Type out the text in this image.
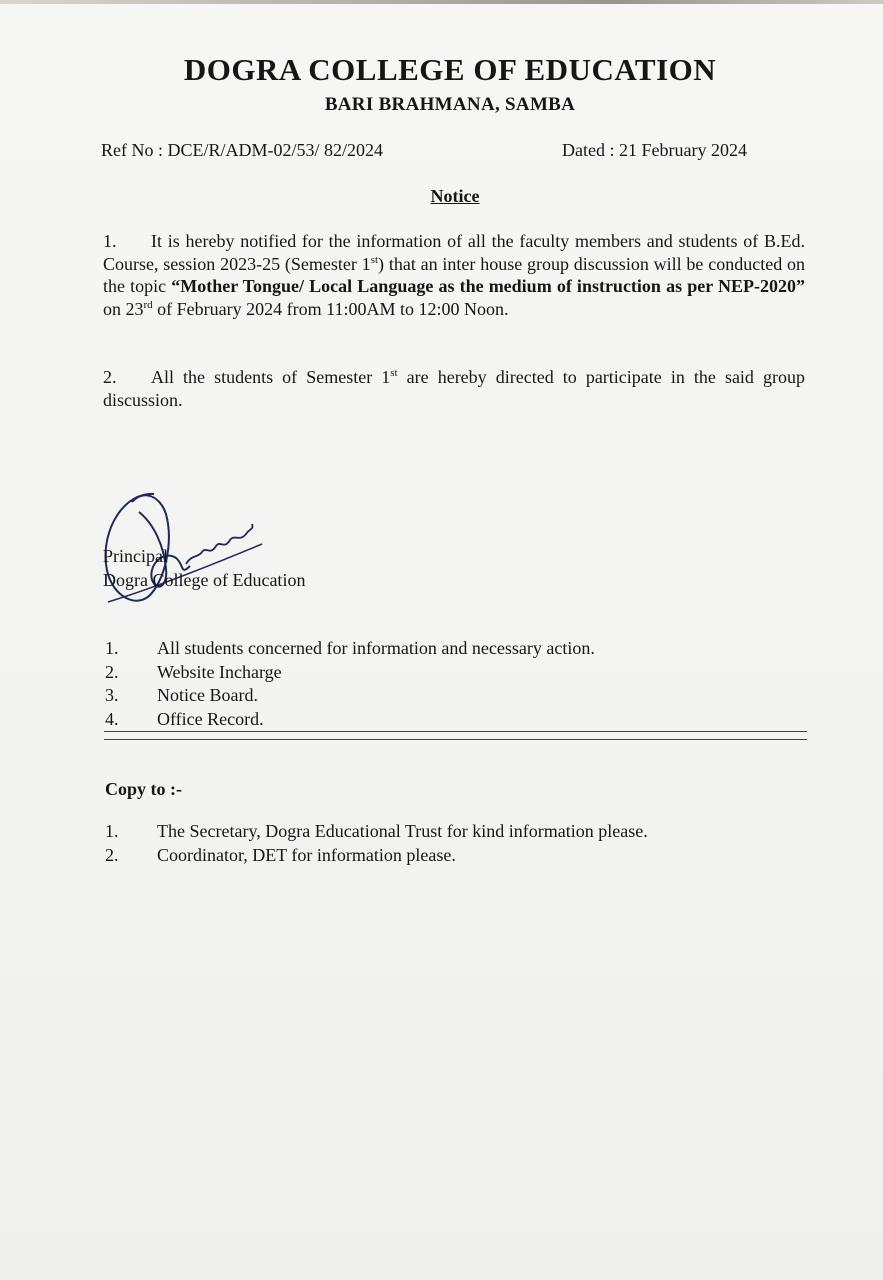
DOGRA COLLEGE OF EDUCATION
BARI BRAHMANA, SAMBA
Ref No : DCE/R/ADM-02/53/ 82/2024	Dated : 21 February 2024
Notice
1. It is hereby notified for the information of all the faculty members and students of B.Ed. Course, session 2023-25 (Semester 1st) that an inter house group discussion will be conducted on the topic “Mother Tongue/ Local Language as the medium of instruction as per NEP-2020” on 23rd of February 2024 from 11:00AM to 12:00 Noon.
2. All the students of Semester 1st are hereby directed to participate in the said group discussion.
Principal
Dogra College of Education
1. All students concerned for information and necessary action.
2. Website Incharge
3. Notice Board.
4. Office Record.
Copy to :-
1. The Secretary, Dogra Educational Trust for kind information please.
2. Coordinator, DET for information please.
